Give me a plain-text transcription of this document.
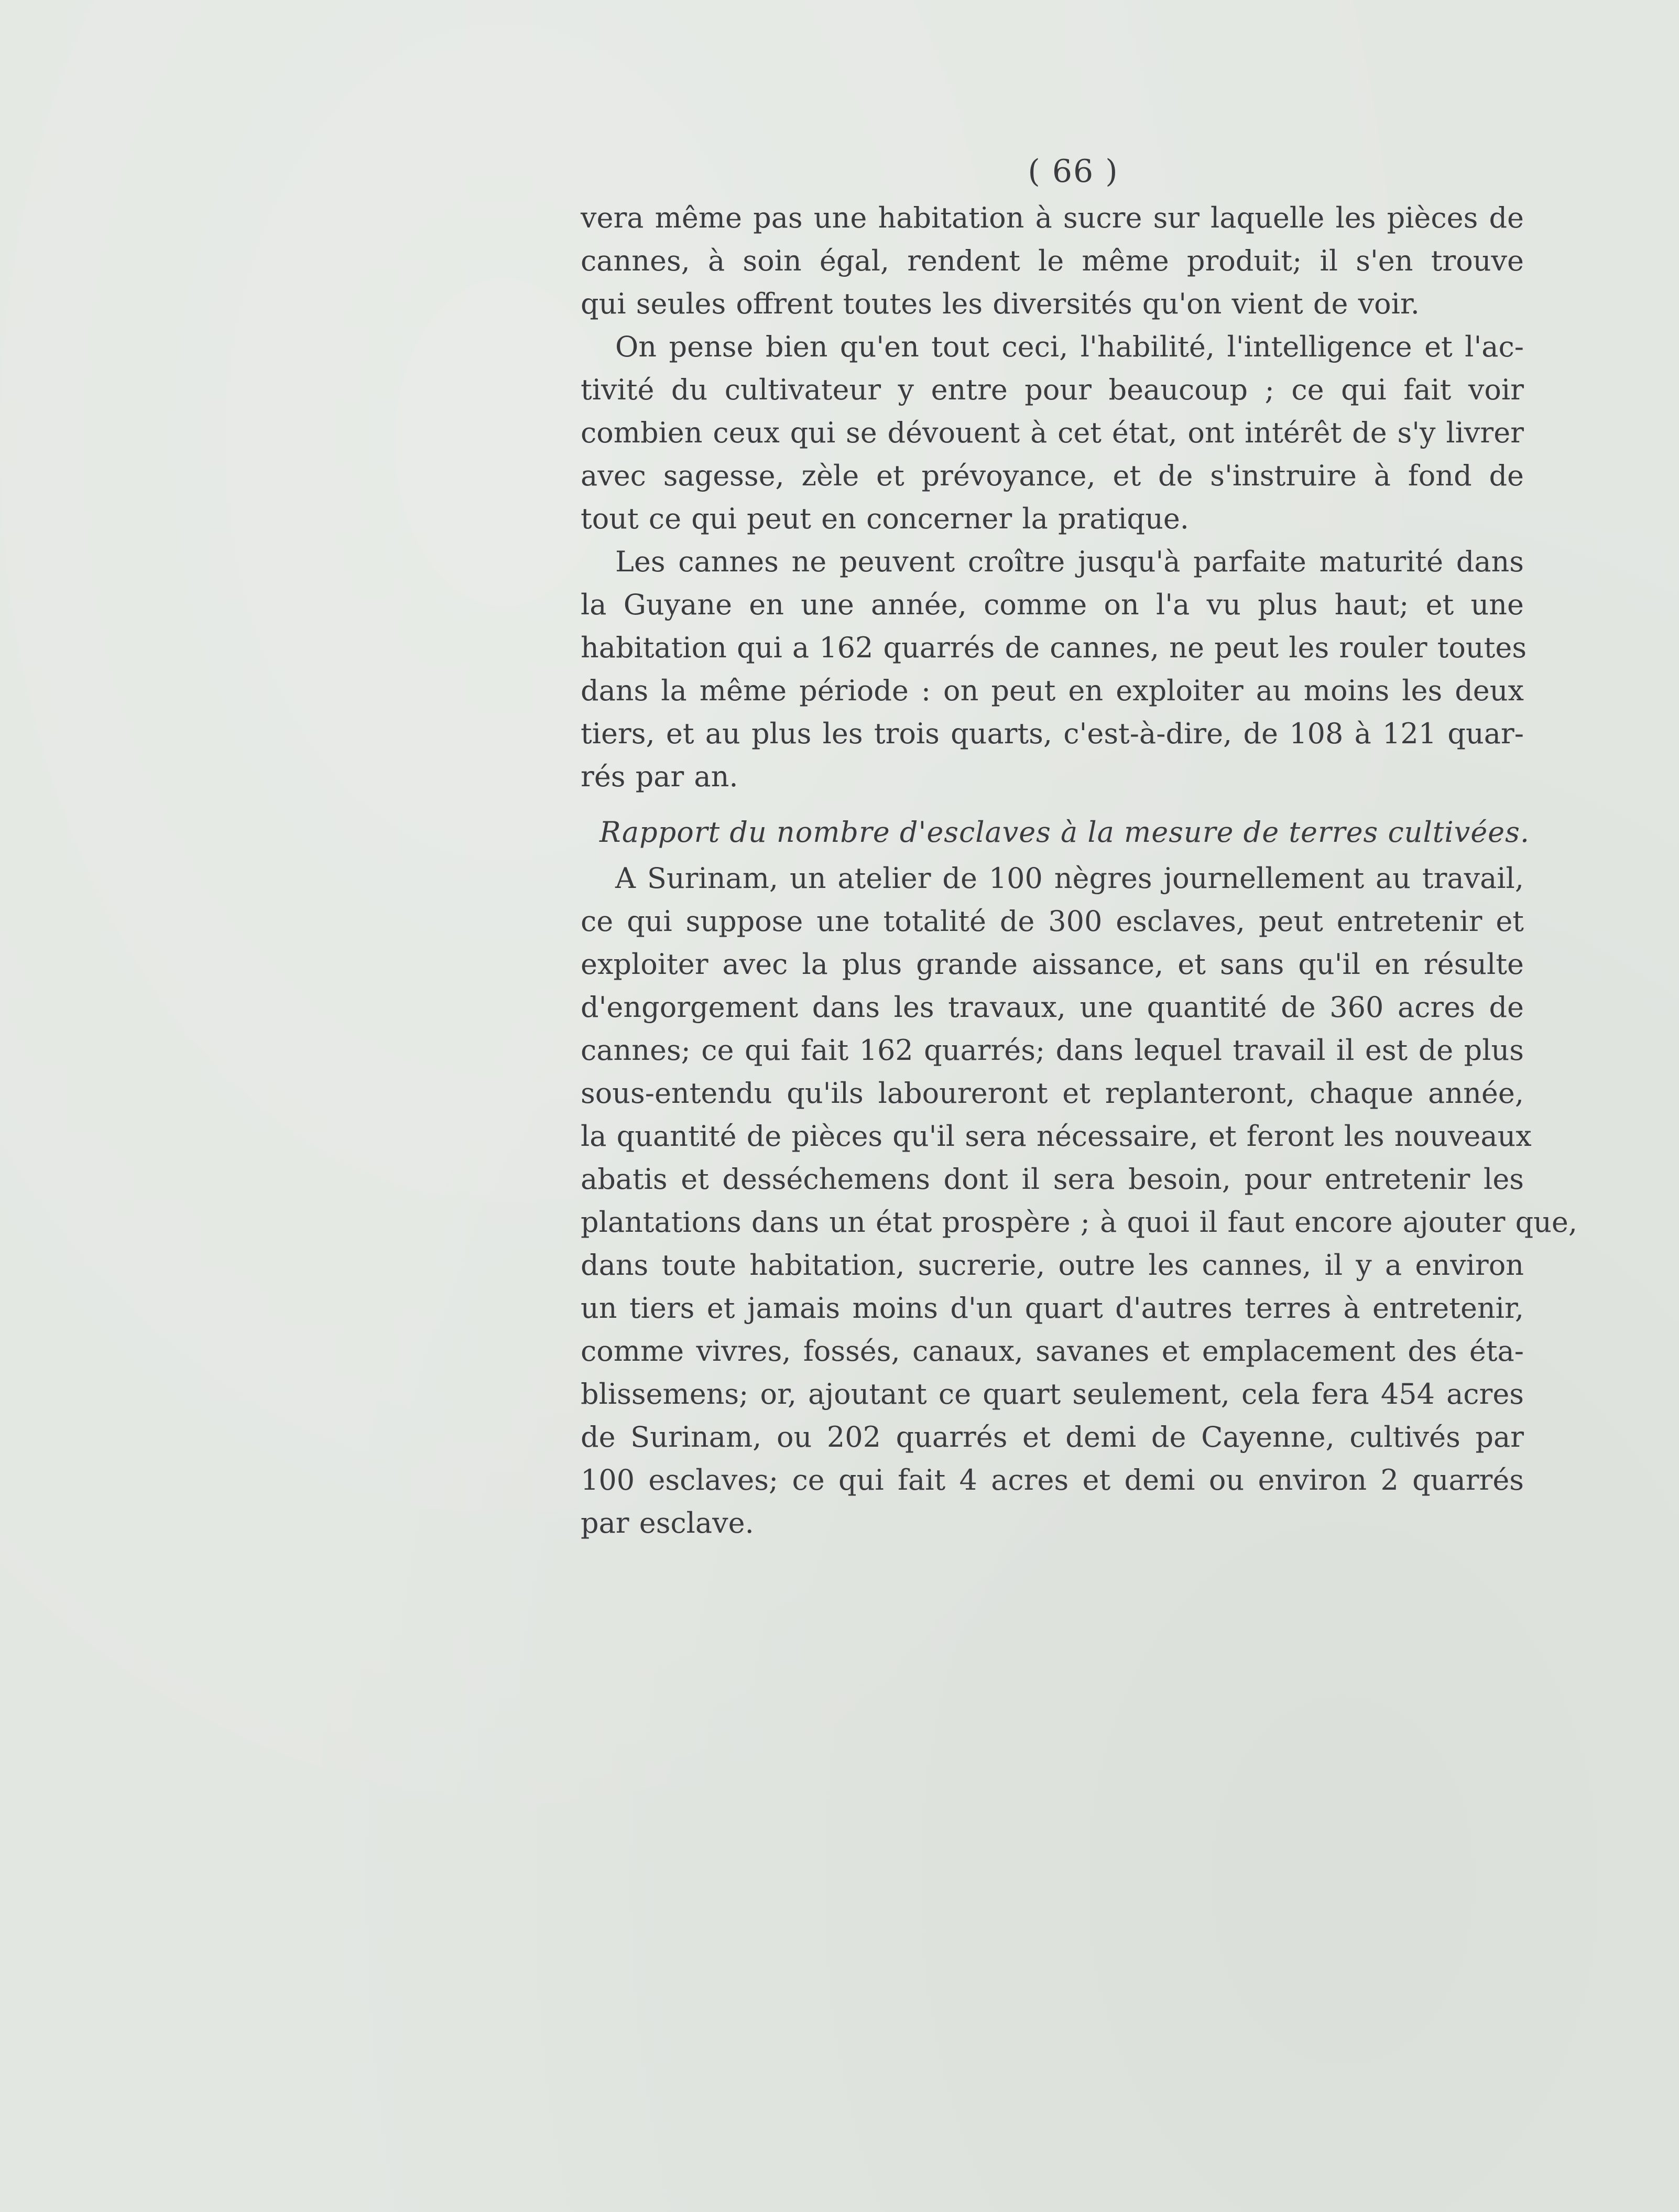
( 66 )
vera même pas une habitation à sucre sur laquelle les pièces de
cannes, à soin égal, rendent le même produit; il s'en trouve
qui seules offrent toutes les diversités qu'on vient de voir.
On pense bien qu'en tout ceci, l'habilité, l'intelligence et l'ac-
tivité du cultivateur y entre pour beaucoup ; ce qui fait voir
combien ceux qui se dévouent à cet état, ont intérêt de s'y livrer
avec sagesse, zèle et prévoyance, et de s'instruire à fond de
tout ce qui peut en concerner la pratique.
Les cannes ne peuvent croître jusqu'à parfaite maturité dans
la Guyane en une année, comme on l'a vu plus haut; et une
habitation qui a 162 quarrés de cannes, ne peut les rouler toutes
dans la même période : on peut en exploiter au moins les deux
tiers, et au plus les trois quarts, c'est-à-dire, de 108 à 121 quar-
rés par an.
Rapport du nombre d'esclaves à la mesure de terres cultivées.
A Surinam, un atelier de 100 nègres journellement au travail,
ce qui suppose une totalité de 300 esclaves, peut entretenir et
exploiter avec la plus grande aissance, et sans qu'il en résulte
d'engorgement dans les travaux, une quantité de 360 acres de
cannes; ce qui fait 162 quarrés; dans lequel travail il est de plus
sous-entendu qu'ils laboureront et replanteront, chaque année,
la quantité de pièces qu'il sera nécessaire, et feront les nouveaux
abatis et desséchemens dont il sera besoin, pour entretenir les
plantations dans un état prospère ; à quoi il faut encore ajouter que,
dans toute habitation, sucrerie, outre les cannes, il y a environ
un tiers et jamais moins d'un quart d'autres terres à entretenir,
comme vivres, fossés, canaux, savanes et emplacement des éta-
blissemens; or, ajoutant ce quart seulement, cela fera 454 acres
de Surinam, ou 202 quarrés et demi de Cayenne, cultivés par
100 esclaves; ce qui fait 4 acres et demi ou environ 2 quarrés
par esclave.
